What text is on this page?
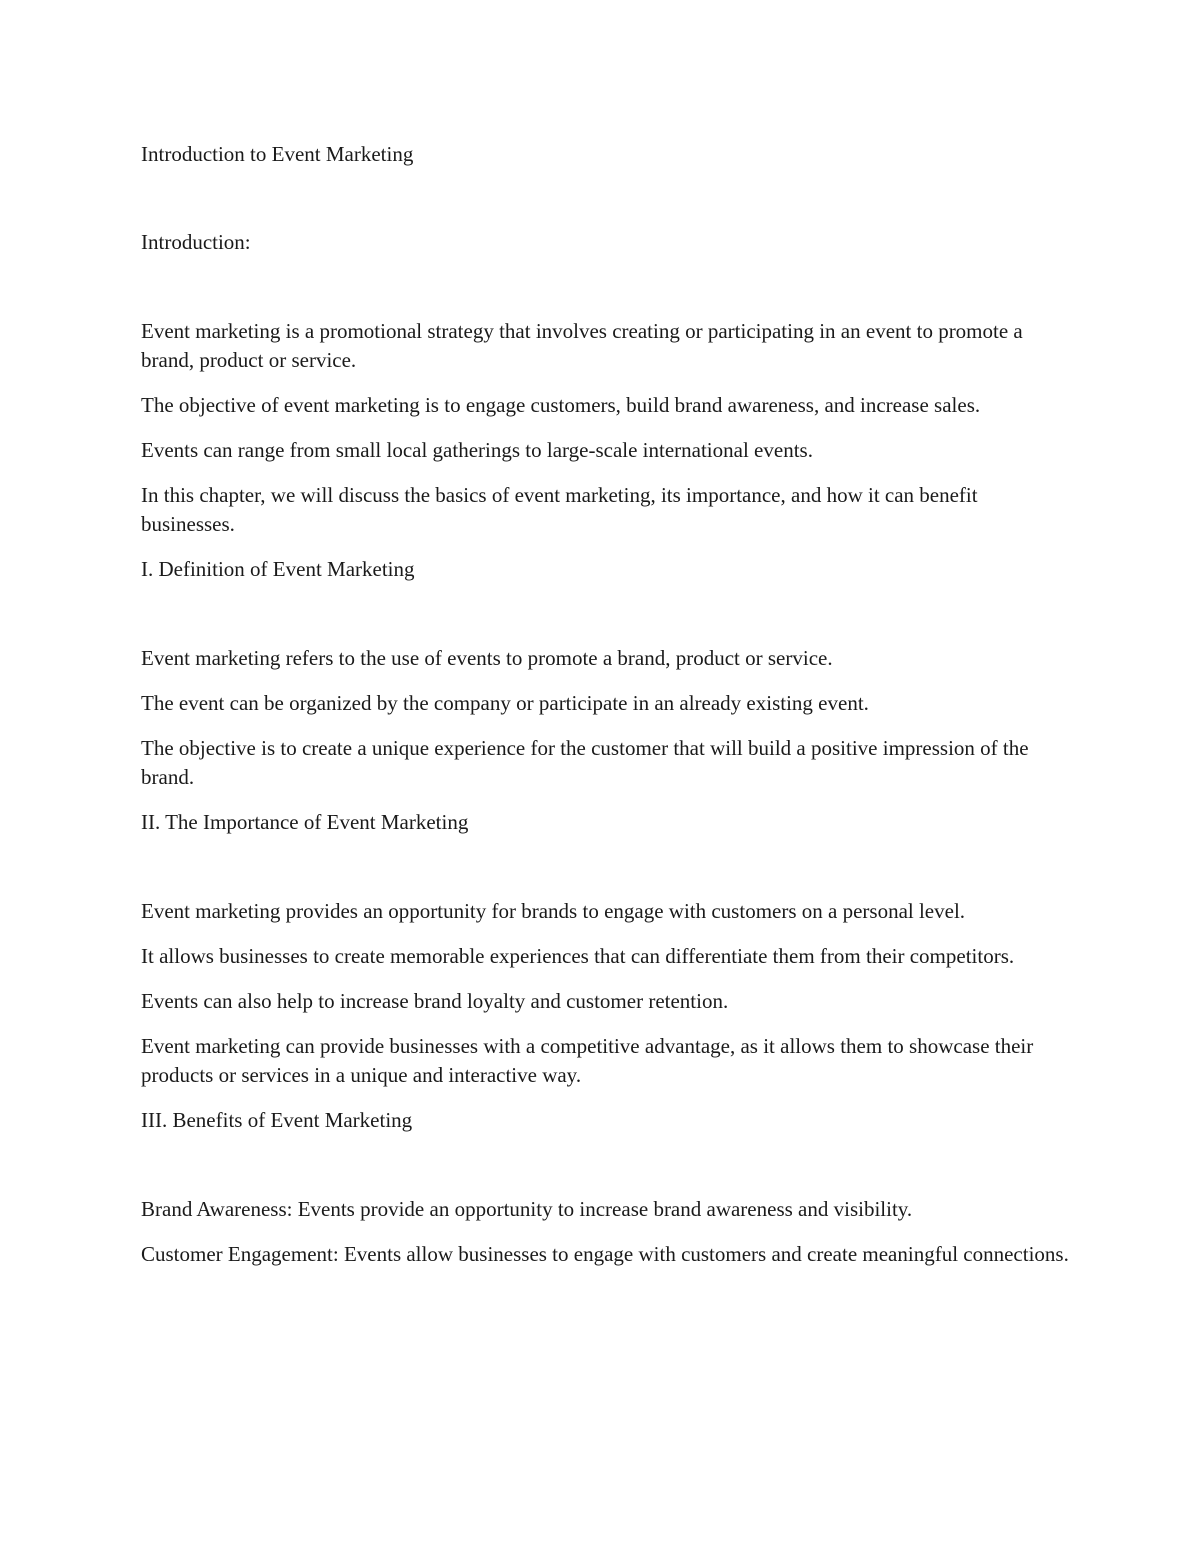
Introduction to Event Marketing

Introduction:

Event marketing is a promotional strategy that involves creating or participating in an event to promote a brand, product or service.

The objective of event marketing is to engage customers, build brand awareness, and increase sales.

Events can range from small local gatherings to large-scale international events.

In this chapter, we will discuss the basics of event marketing, its importance, and how it can benefit businesses.

I. Definition of Event Marketing

Event marketing refers to the use of events to promote a brand, product or service.

The event can be organized by the company or participate in an already existing event.

The objective is to create a unique experience for the customer that will build a positive impression of the brand.

II. The Importance of Event Marketing

Event marketing provides an opportunity for brands to engage with customers on a personal level.

It allows businesses to create memorable experiences that can differentiate them from their competitors.

Events can also help to increase brand loyalty and customer retention.

Event marketing can provide businesses with a competitive advantage, as it allows them to showcase their products or services in a unique and interactive way.

III. Benefits of Event Marketing

Brand Awareness: Events provide an opportunity to increase brand awareness and visibility.

Customer Engagement: Events allow businesses to engage with customers and create meaningful connections.
